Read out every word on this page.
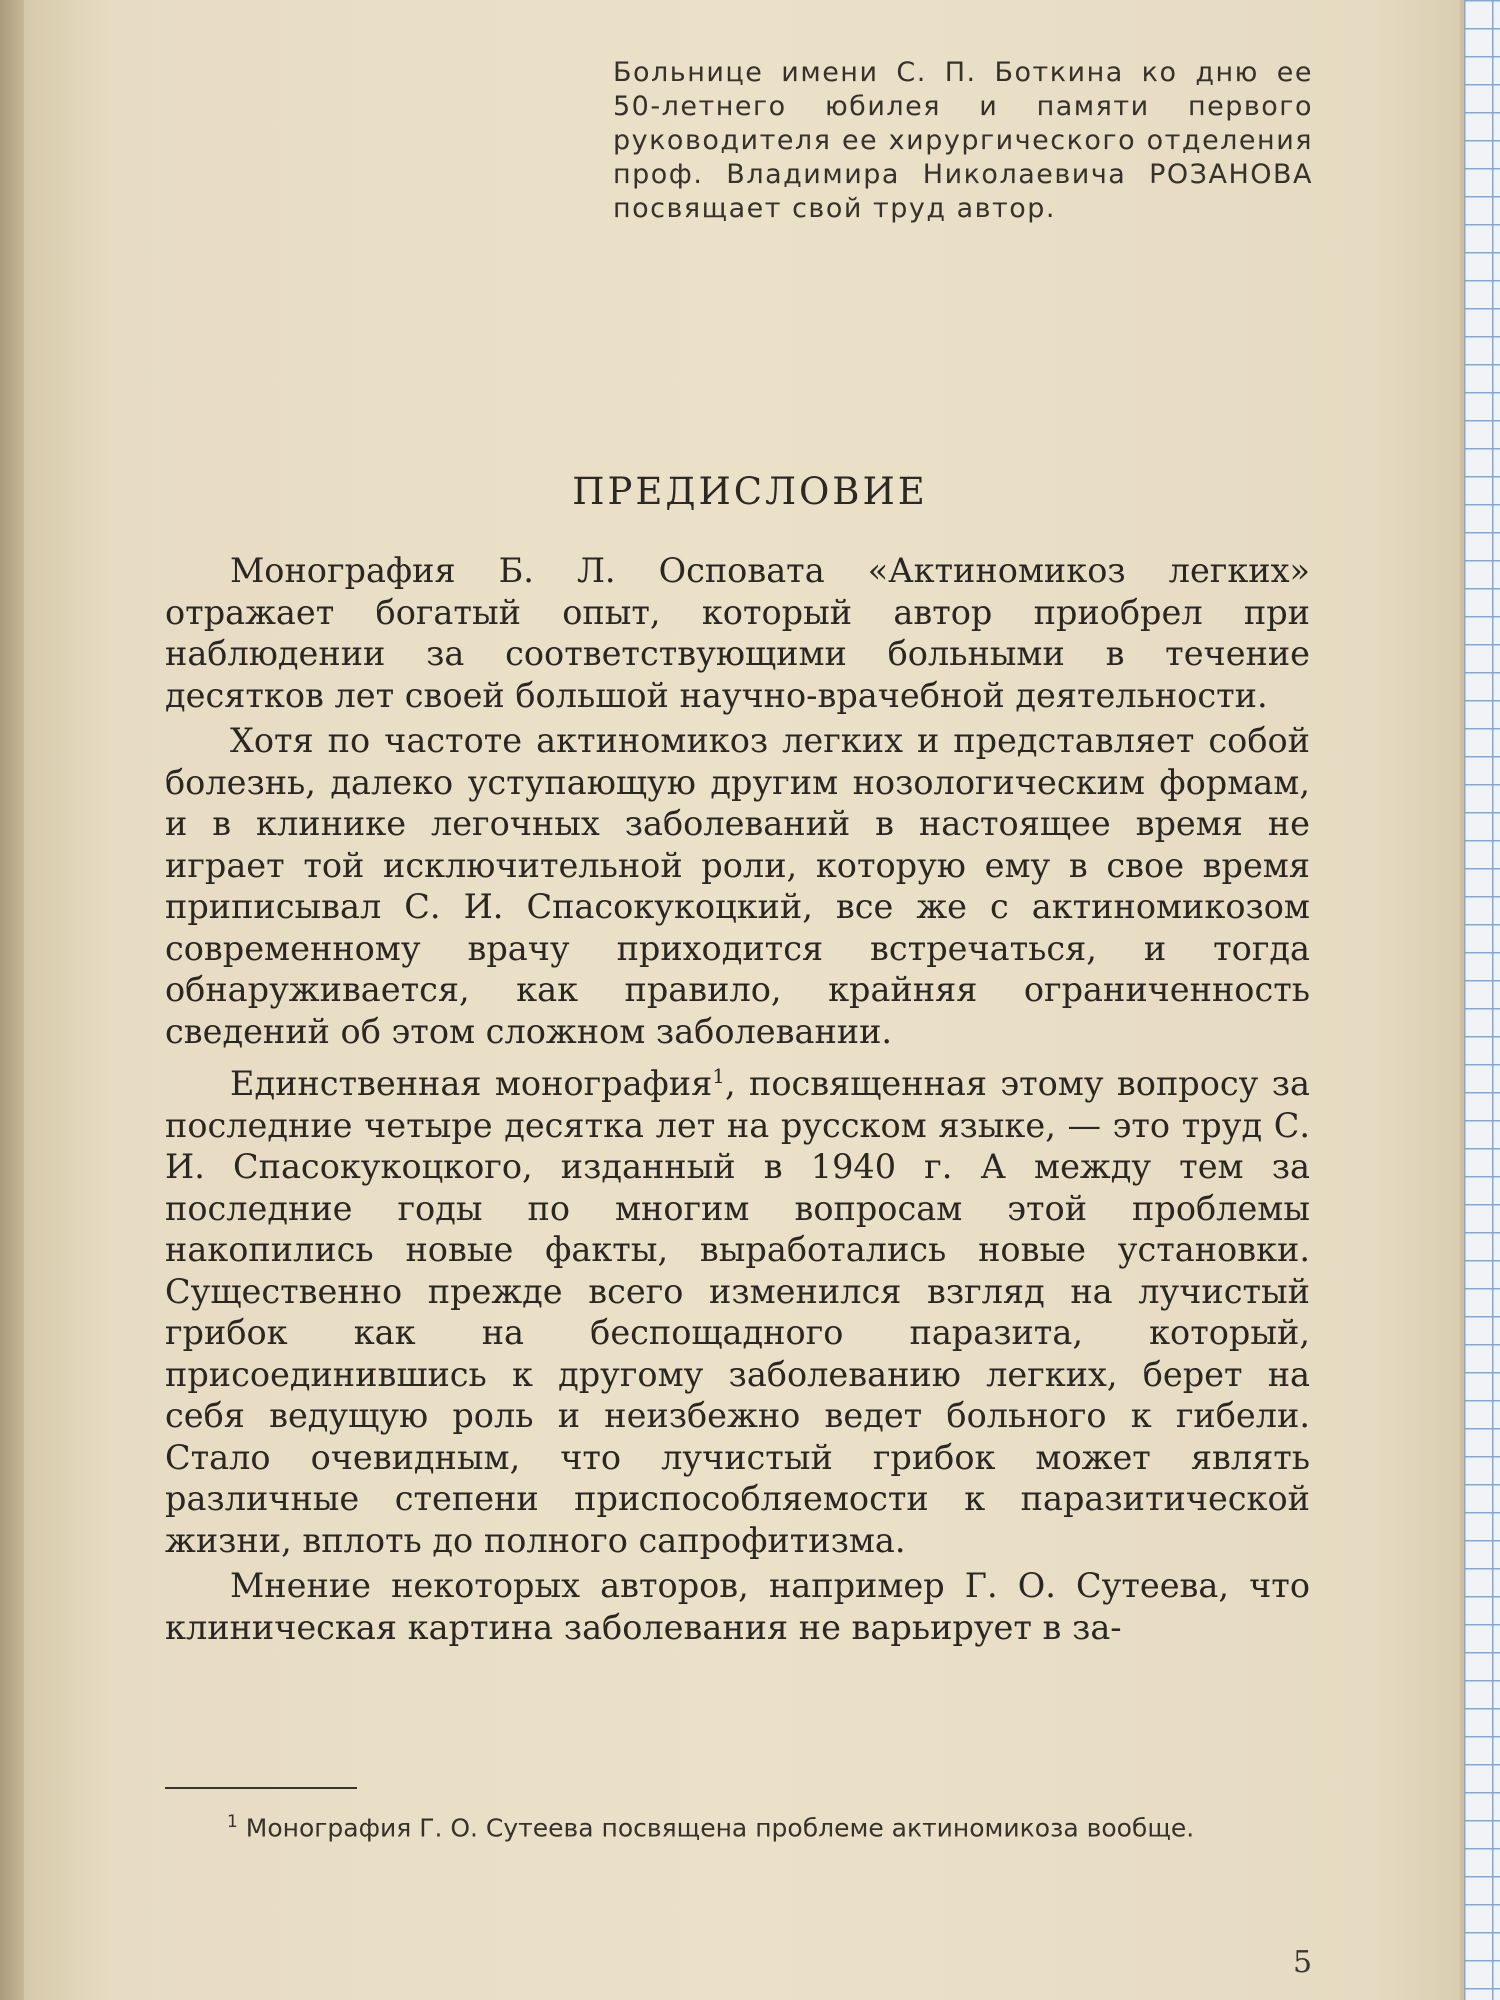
Больнице имени С. П. Боткина ко дню ее 50-летнего юбилея и памяти первого руководителя ее хирургического отделения проф. Владимира Николаевича РОЗАНОВА посвящает свой труд автор.

ПРЕДИСЛОВИЕ

Монография Б. Л. Осповата «Актиномикоз легких» отражает богатый опыт, который автор приобрел при наблюдении за соответствующими больными в течение десятков лет своей большой научно-врачебной деятельности.

Хотя по частоте актиномикоз легких и представляет собой болезнь, далеко уступающую другим нозологическим формам, и в клинике легочных заболеваний в настоящее время не играет той исключительной роли, которую ему в свое время приписывал С. И. Спасокукоцкий, все же с актиномикозом современному врачу приходится встречаться, и тогда обнаруживается, как правило, крайняя ограниченность сведений об этом сложном заболевании.

Единственная монография$^1$, посвященная этому вопросу за последние четыре десятка лет на русском языке, — это труд С. И. Спасокукоцкого, изданный в 1940 г. А между тем за последние годы по многим вопросам этой проблемы накопились новые факты, выработались новые установки. Существенно прежде всего изменился взгляд на лучистый грибок как на беспощадного паразита, который, присоединившись к другому заболеванию легких, берет на себя ведущую роль и неизбежно ведет больного к гибели. Стало очевидным, что лучистый грибок может являть различные степени приспособляемости к паразитической жизни, вплоть до полного сапрофитизма.

Мнение некоторых авторов, например Г. О. Сутеева, что клиническая картина заболевания не варьирует в за-

$^1$ Монография Г. О. Сутеева посвящена проблеме актиномикоза вообще.

5
